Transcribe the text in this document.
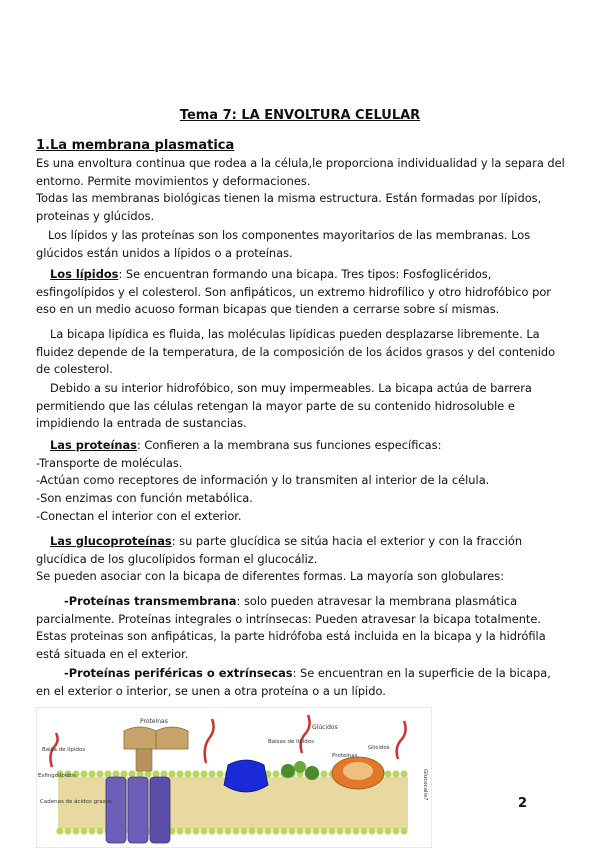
Tema 7: LA ENVOLTURA CELULAR
1.La membrana plasmatica

Es una envoltura continua que rodea a la célula,le proporciona individualidad y la separa del entorno. Permite movimientos y deformaciones.

Todas las membranas biológicas tienen la misma estructura. Están formadas por lípidos, proteinas y glúcidos.

Los lípidos y las proteínas son los componentes mayoritarios de las membranas. Los glúcidos están unidos a lípidos o a proteínas.

Los lípidos: Se encuentran formando una bicapa. Tres tipos: Fosfoglicéridos, esfingolípidos y el colesterol. Son anfipáticos, un extremo hidrofílico y otro hidrofóbico por eso en un medio acuoso forman bicapas que tienden a cerrarse sobre sí mismas.

La bicapa lipídica es fluida, las moléculas lipídicas pueden desplazarse libremente. La fluidez depende de la temperatura, de la composición de los ácidos grasos y del contenido de colesterol.

Debido a su interior hidrofóbico, son muy impermeables. La bicapa actúa de barrera permitiendo que las células retengan la mayor parte de su contenido hidrosoluble e impidiendo la entrada de sustancias.

Las proteínas: Confieren a la membrana sus funciones específicas:

-Transporte de moléculas.

-Actúan como receptores de información y lo transmiten al interior de la célula.

-Son enzimas con función metabólica.

-Conectan el interior con el exterior.

Las glucoproteínas: su parte glucídica se sitúa hacia el exterior y con la fracción glucídica de los glucolípidos forman el glucocáliz.

Se pueden asociar con la bicapa de diferentes formas. La mayoría son globulares:

-Proteínas transmembrana: solo pueden atravesar la membrana plasmática parcialmente. Proteínas integrales o intrínsecas: Pueden atravesar la bicapa totalmente. Estas proteinas son anfipáticas, la parte hidrófoba está incluida en la bicapa y la hidrófila está situada en el exterior.

-Proteínas periféricas o extrínsecas: Se encuentran en la superficie de la bicapa, en el exterior o interior, se unen a otra proteína o a un lípido.

Proteínas
Glúcidos
Balsa de lípidos
Balsas de lípidos
Proteínas
Glicidos
Esfingolípidos
Cadenas de ácidos grasos
Glucocalix?
2
